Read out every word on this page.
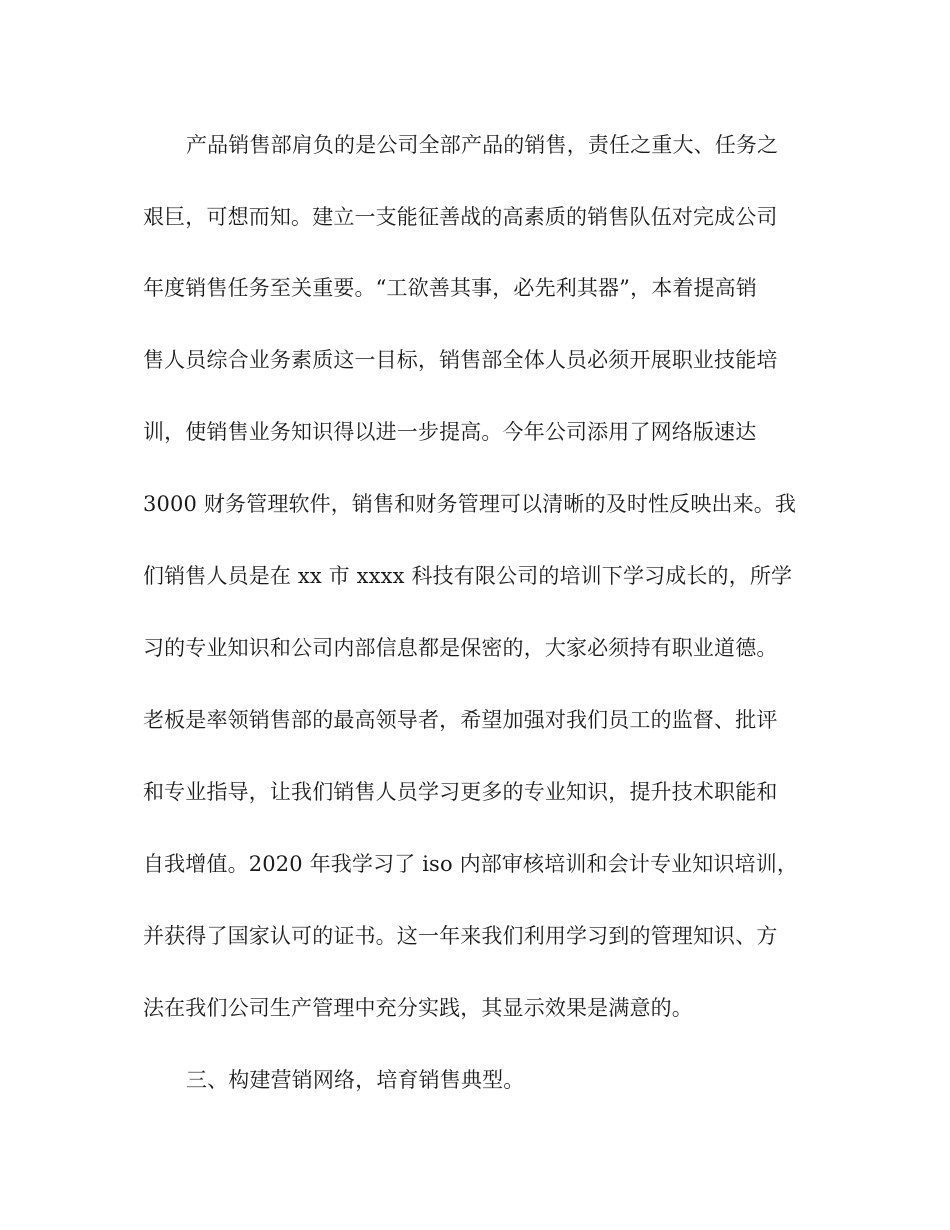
产品销售部肩负的是公司全部产品的销售，责任之重大、任务之
艰巨，可想而知。建立一支能征善战的高素质的销售队伍对完成公司
年度销售任务至关重要。“工欲善其事，必先利其器”，本着提高销
售人员综合业务素质这一目标，销售部全体人员必须开展职业技能培
训，使销售业务知识得以进一步提高。今年公司添用了网络版速达
3000 财务管理软件，销售和财务管理可以清晰的及时性反映出来。我
们销售人员是在 xx 市 xxxx 科技有限公司的培训下学习成长的，所学
习的专业知识和公司内部信息都是保密的，大家必须持有职业道德。
老板是率领销售部的最高领导者，希望加强对我们员工的监督、批评
和专业指导，让我们销售人员学习更多的专业知识，提升技术职能和
自我增值。2020 年我学习了 iso 内部审核培训和会计专业知识培训，
并获得了国家认可的证书。这一年来我们利用学习到的管理知识、方
法在我们公司生产管理中充分实践，其显示效果是满意的。
三、构建营销网络，培育销售典型。
